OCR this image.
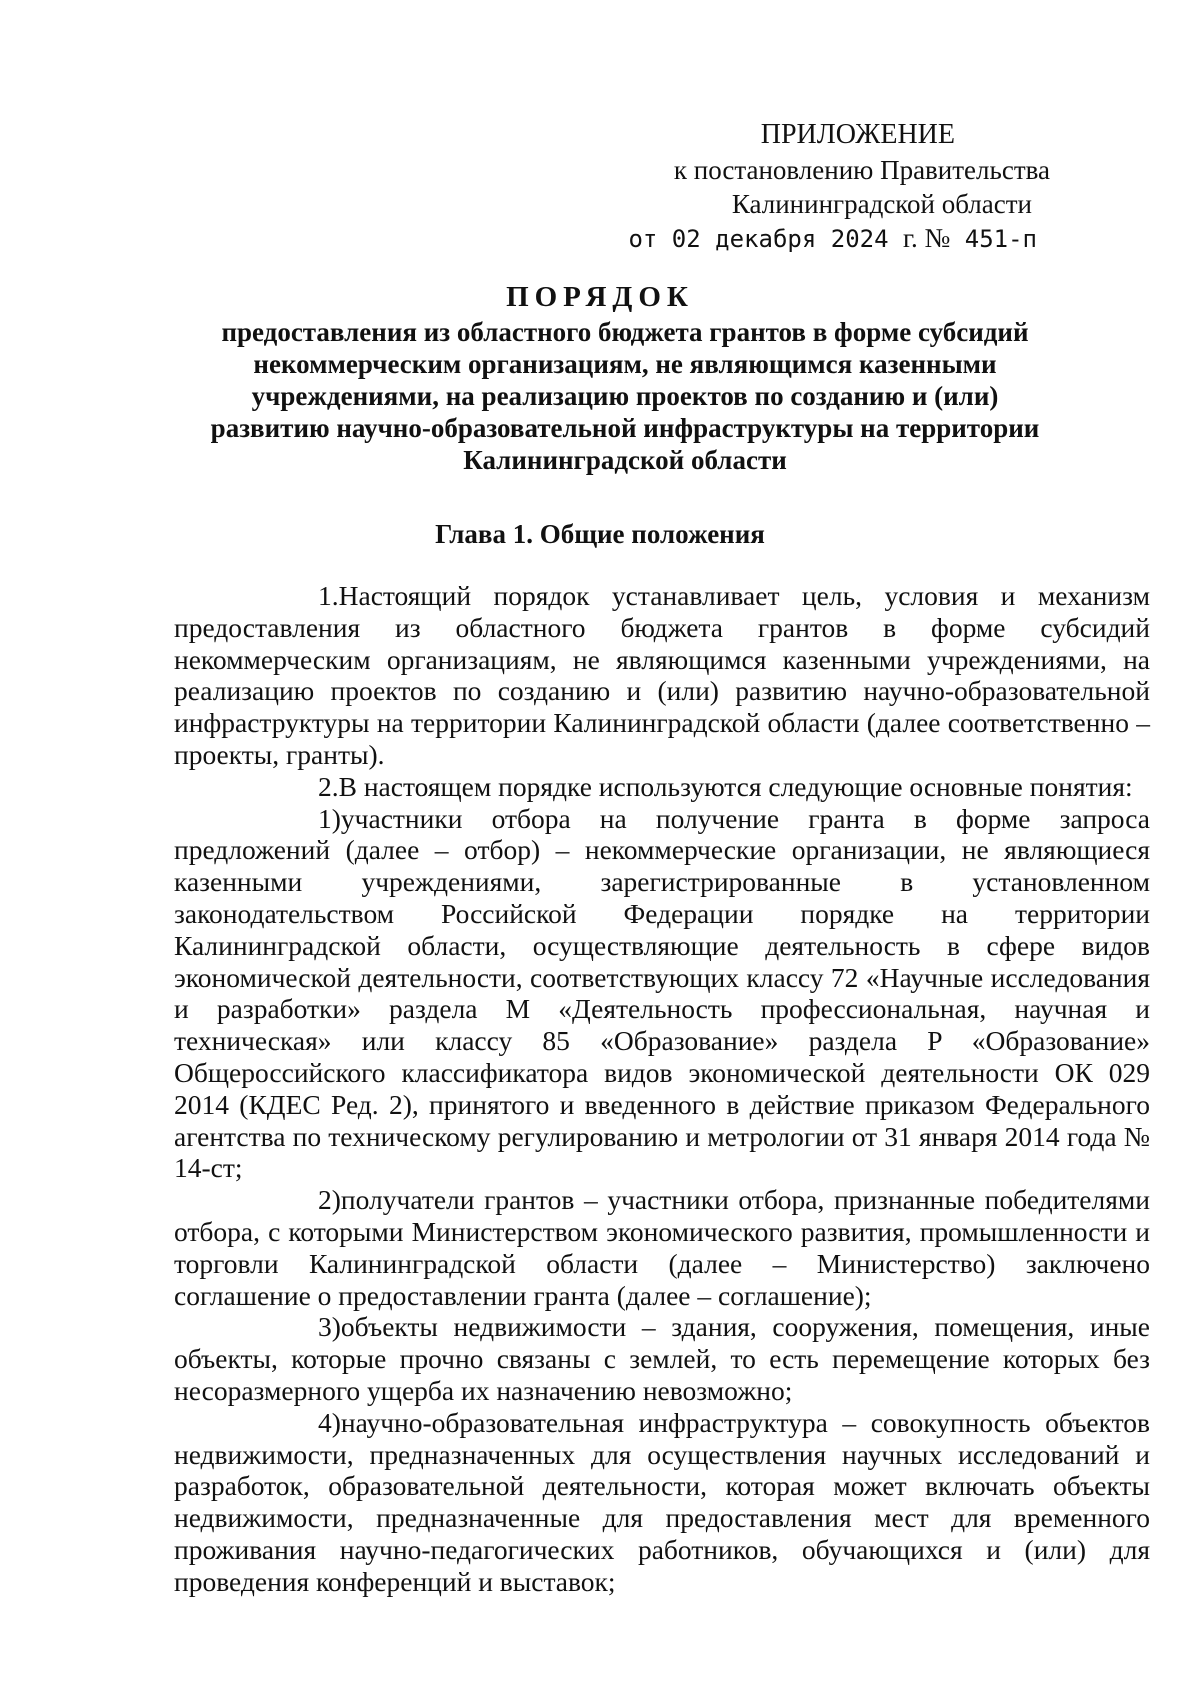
ПРИЛОЖЕНИЕ
к постановлению Правительства
Калининградской области
от 02 декабря 2024 г. № 451-п
ПОРЯДОК
предоставления из областного бюджета грантов в форме субсидий некоммерческим организациям, не являющимся казенными учреждениями, на реализацию проектов по созданию и (или) развитию научно-образовательной инфраструктуры на территории Калининградской области
Глава 1. Общие положения

1.Настоящий порядок устанавливает цель, условия и механизм предоставления из областного бюджета грантов в форме субсидий некоммерческим организациям, не являющимся казенными учреждениями, на реализацию проектов по созданию и (или) развитию научно-образовательной инфраструктуры на территории Калининградской области (далее соответственно – проекты, гранты).

2.В настоящем порядке используются следующие основные понятия:

1)участники отбора на получение гранта в форме запроса предложений (далее – отбор) – некоммерческие организации, не являющиеся казенными учреждениями, зарегистрированные в установленном законодательством Российской Федерации порядке на территории Калининградской области, осуществляющие деятельность в сфере видов экономической деятельности, соответствующих классу 72 «Научные исследования и разработки» раздела M «Деятельность профессиональная, научная и техническая» или классу 85 «Образование» раздела P «Образование» Общероссийского классификатора видов экономической деятельности ОК 029 2014 (КДЕС Ред. 2), принятого и введенного в действие приказом Федерального агентства по техническому регулированию и метрологии от 31 января 2014 года № 14-ст;

2)получатели грантов – участники отбора, признанные победителями отбора, с которыми Министерством экономического развития, промышленности и торговли Калининградской области (далее – Министерство) заключено соглашение о предоставлении гранта (далее – соглашение);

3)объекты недвижимости – здания, сооружения, помещения, иные объекты, которые прочно связаны с землей, то есть перемещение которых без несоразмерного ущерба их назначению невозможно;

4)научно-образовательная инфраструктура – совокупность объектов недвижимости, предназначенных для осуществления научных исследований и разработок, образовательной деятельности, которая может включать объекты недвижимости, предназначенные для предоставления мест для временного проживания научно-педагогических работников, обучающихся и (или) для проведения конференций и выставок;
